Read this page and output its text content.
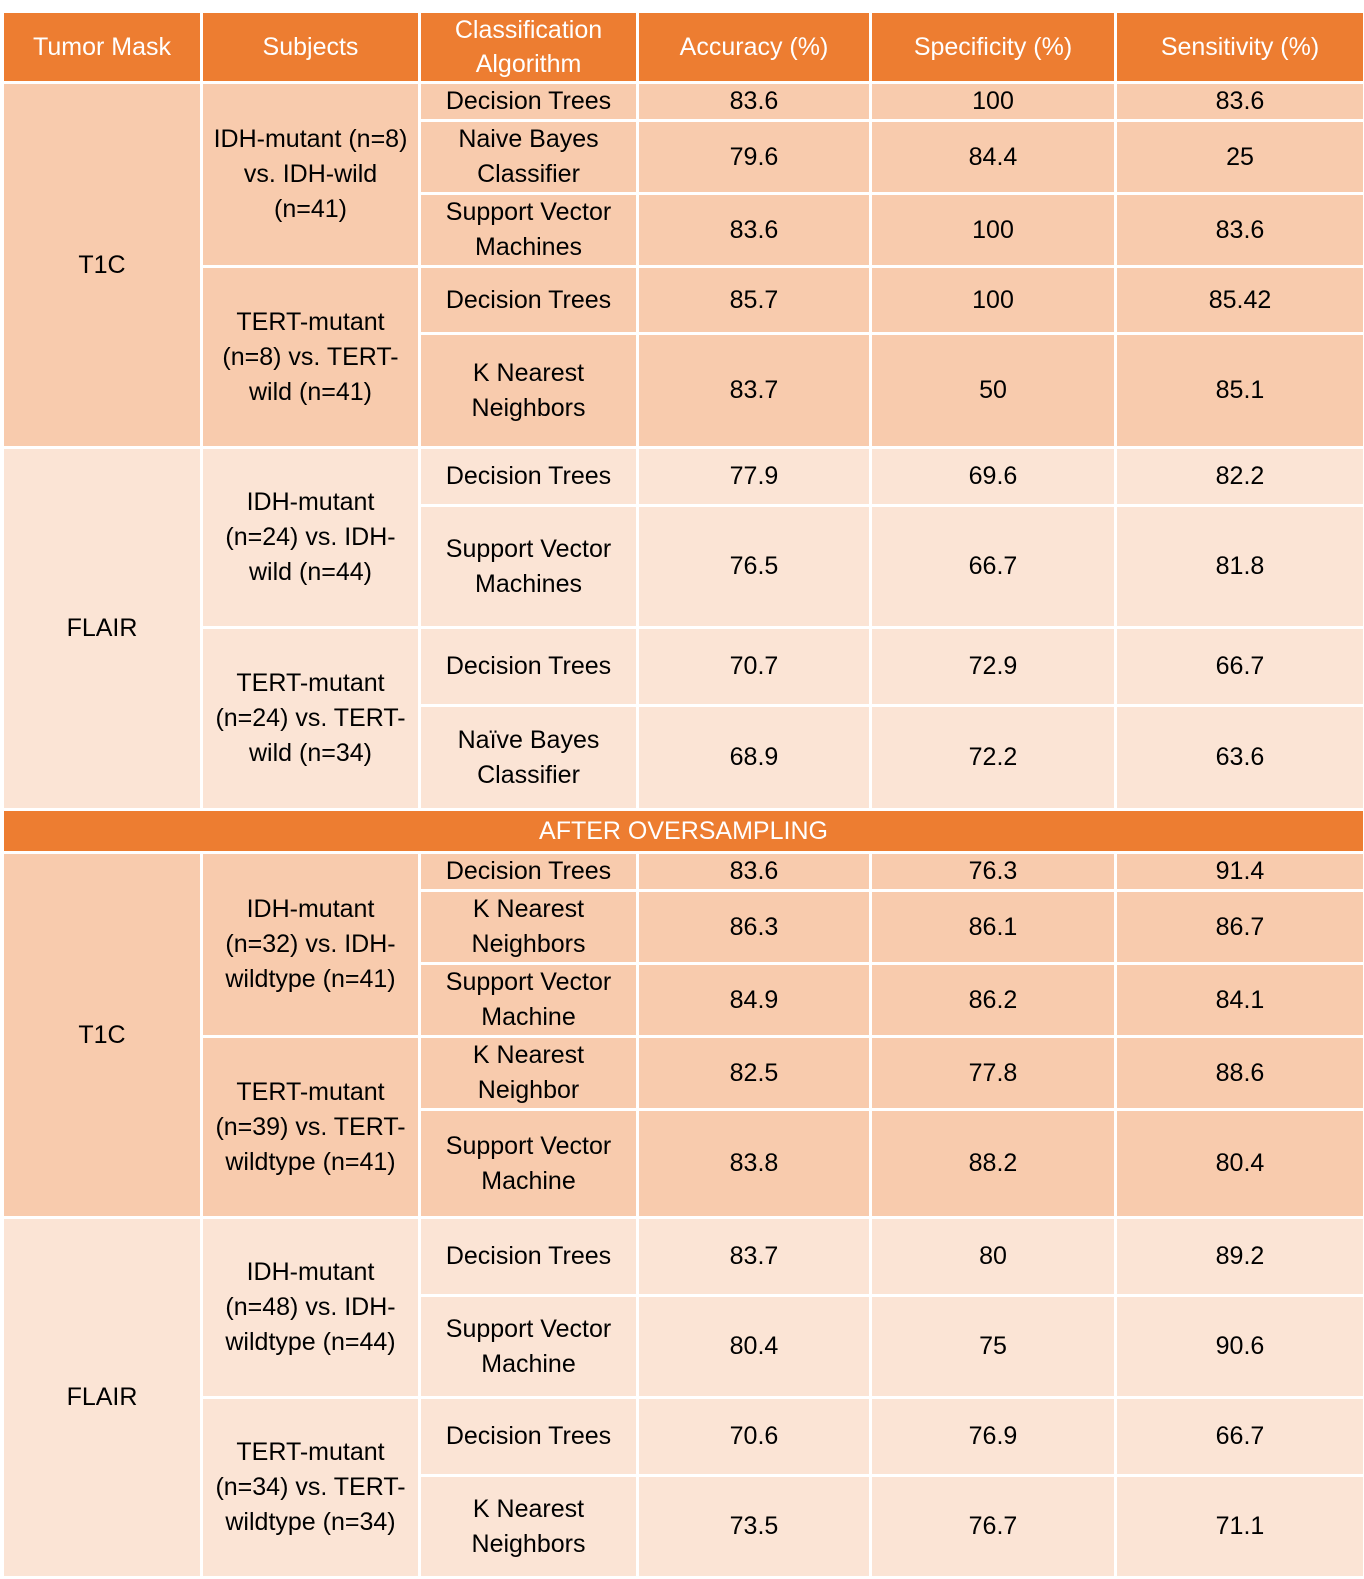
Tumor Mask	Subjects	Classification Algorithm	Accuracy (%)	Specificity (%)	Sensitivity (%)
T1C	IDH-mutant (n=8) vs. IDH-wild (n=41)	Decision Trees	83.6	100	83.6
		Naive Bayes Classifier	79.6	84.4	25
		Support Vector Machines	83.6	100	83.6
	TERT-mutant (n=8) vs. TERT-wild (n=41)	Decision Trees	85.7	100	85.42
		K Nearest Neighbors	83.7	50	85.1
FLAIR	IDH-mutant (n=24) vs. IDH-wild (n=44)	Decision Trees	77.9	69.6	82.2
		Support Vector Machines	76.5	66.7	81.8
	TERT-mutant (n=24) vs. TERT-wild (n=34)	Decision Trees	70.7	72.9	66.7
		Naïve Bayes Classifier	68.9	72.2	63.6
AFTER OVERSAMPLING					
T1C	IDH-mutant (n=32) vs. IDH-wildtype (n=41)	Decision Trees	83.6	76.3	91.4
		K Nearest Neighbors	86.3	86.1	86.7
		Support Vector Machine	84.9	86.2	84.1
	TERT-mutant (n=39) vs. TERT-wildtype (n=41)	K Nearest Neighbor	82.5	77.8	88.6
		Support Vector Machine	83.8	88.2	80.4
FLAIR	IDH-mutant (n=48) vs. IDH-wildtype (n=44)	Decision Trees	83.7	80	89.2
		Support Vector Machine	80.4	75	90.6
	TERT-mutant (n=34) vs. TERT-wildtype (n=34)	Decision Trees	70.6	76.9	66.7
		K Nearest Neighbors	73.5	76.7	71.1
